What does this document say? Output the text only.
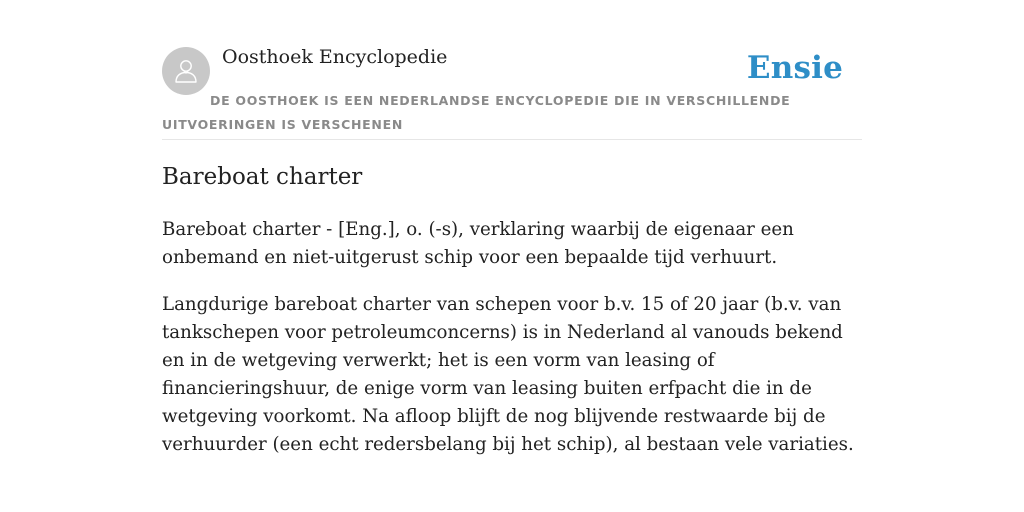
Oosthoek Encyclopedie	Ensie
DE OOSTHOEK IS EEN NEDERLANDSE ENCYCLOPEDIE DIE IN VERSCHILLENDE UITVOERINGEN IS VERSCHENEN
Bareboat charter

Bareboat charter - [Eng.], o. (-s), verklaring waarbij de eigenaar een onbemand en niet-uitgerust schip voor een bepaalde tijd verhuurt.

Langdurige bareboat charter van schepen voor b.v. 15 of 20 jaar (b.v. van tankschepen voor petroleumconcerns) is in Nederland al vanouds bekend en in de wetgeving verwerkt; het is een vorm van leasing of financieringshuur, de enige vorm van leasing buiten erfpacht die in de wetgeving voorkomt. Na afloop blijft de nog blijvende restwaarde bij de verhuurder (een echt redersbelang bij het schip), al bestaan vele variaties.
